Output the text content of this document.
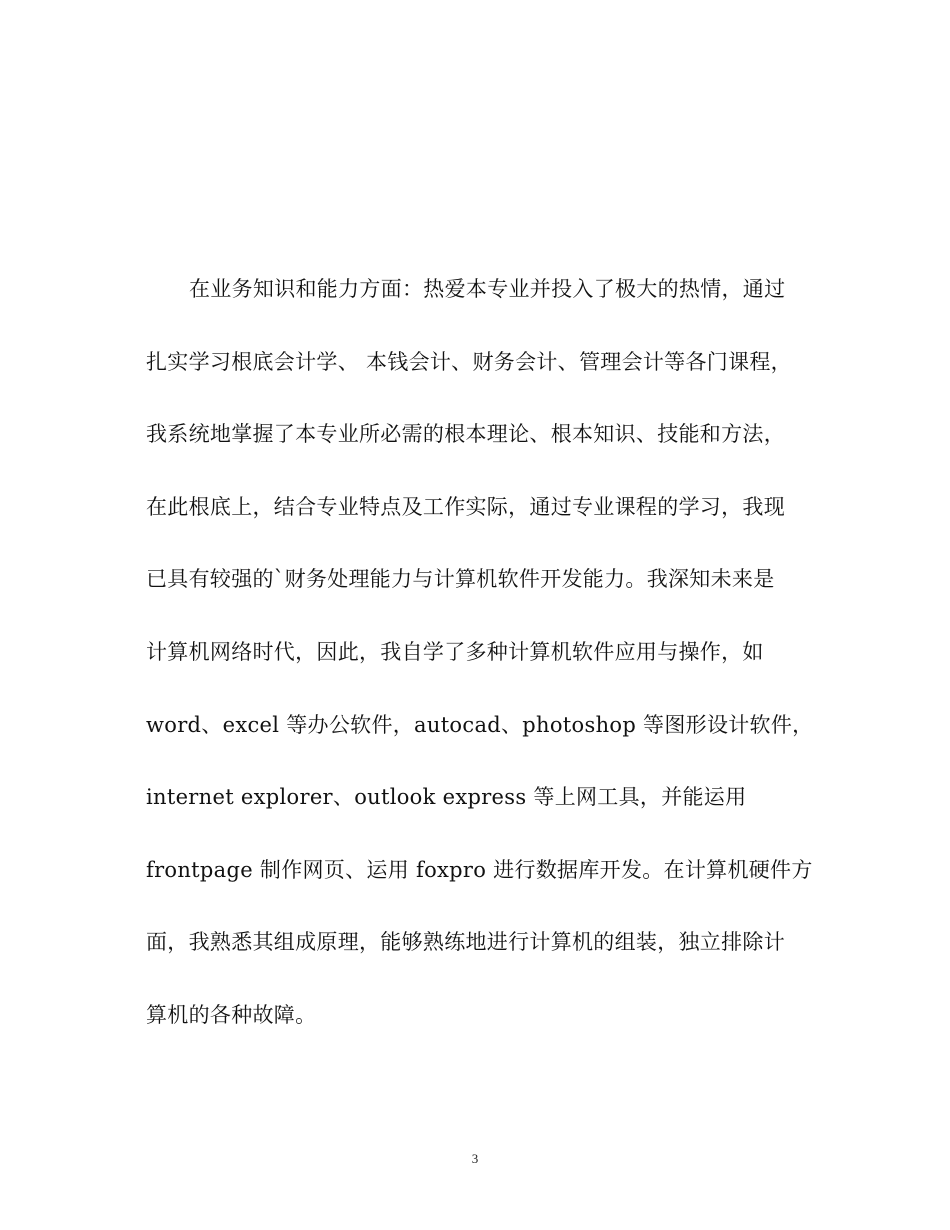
在业务知识和能力方面：热爱本专业并投入了极大的热情，通过
扎实学习根底会计学、 本钱会计、财务会计、管理会计等各门课程，
我系统地掌握了本专业所必需的根本理论、根本知识、技能和方法，
在此根底上，结合专业特点及工作实际，通过专业课程的学习，我现
已具有较强的`财务处理能力与计算机软件开发能力。我深知未来是
计算机网络时代，因此，我自学了多种计算机软件应用与操作，如
word、excel 等办公软件，autocad、photoshop 等图形设计软件，
internet explorer、outlook express 等上网工具，并能运用
frontpage 制作网页、运用 foxpro 进行数据库开发。在计算机硬件方
面，我熟悉其组成原理，能够熟练地进行计算机的组装，独立排除计
算机的各种故障。
3
